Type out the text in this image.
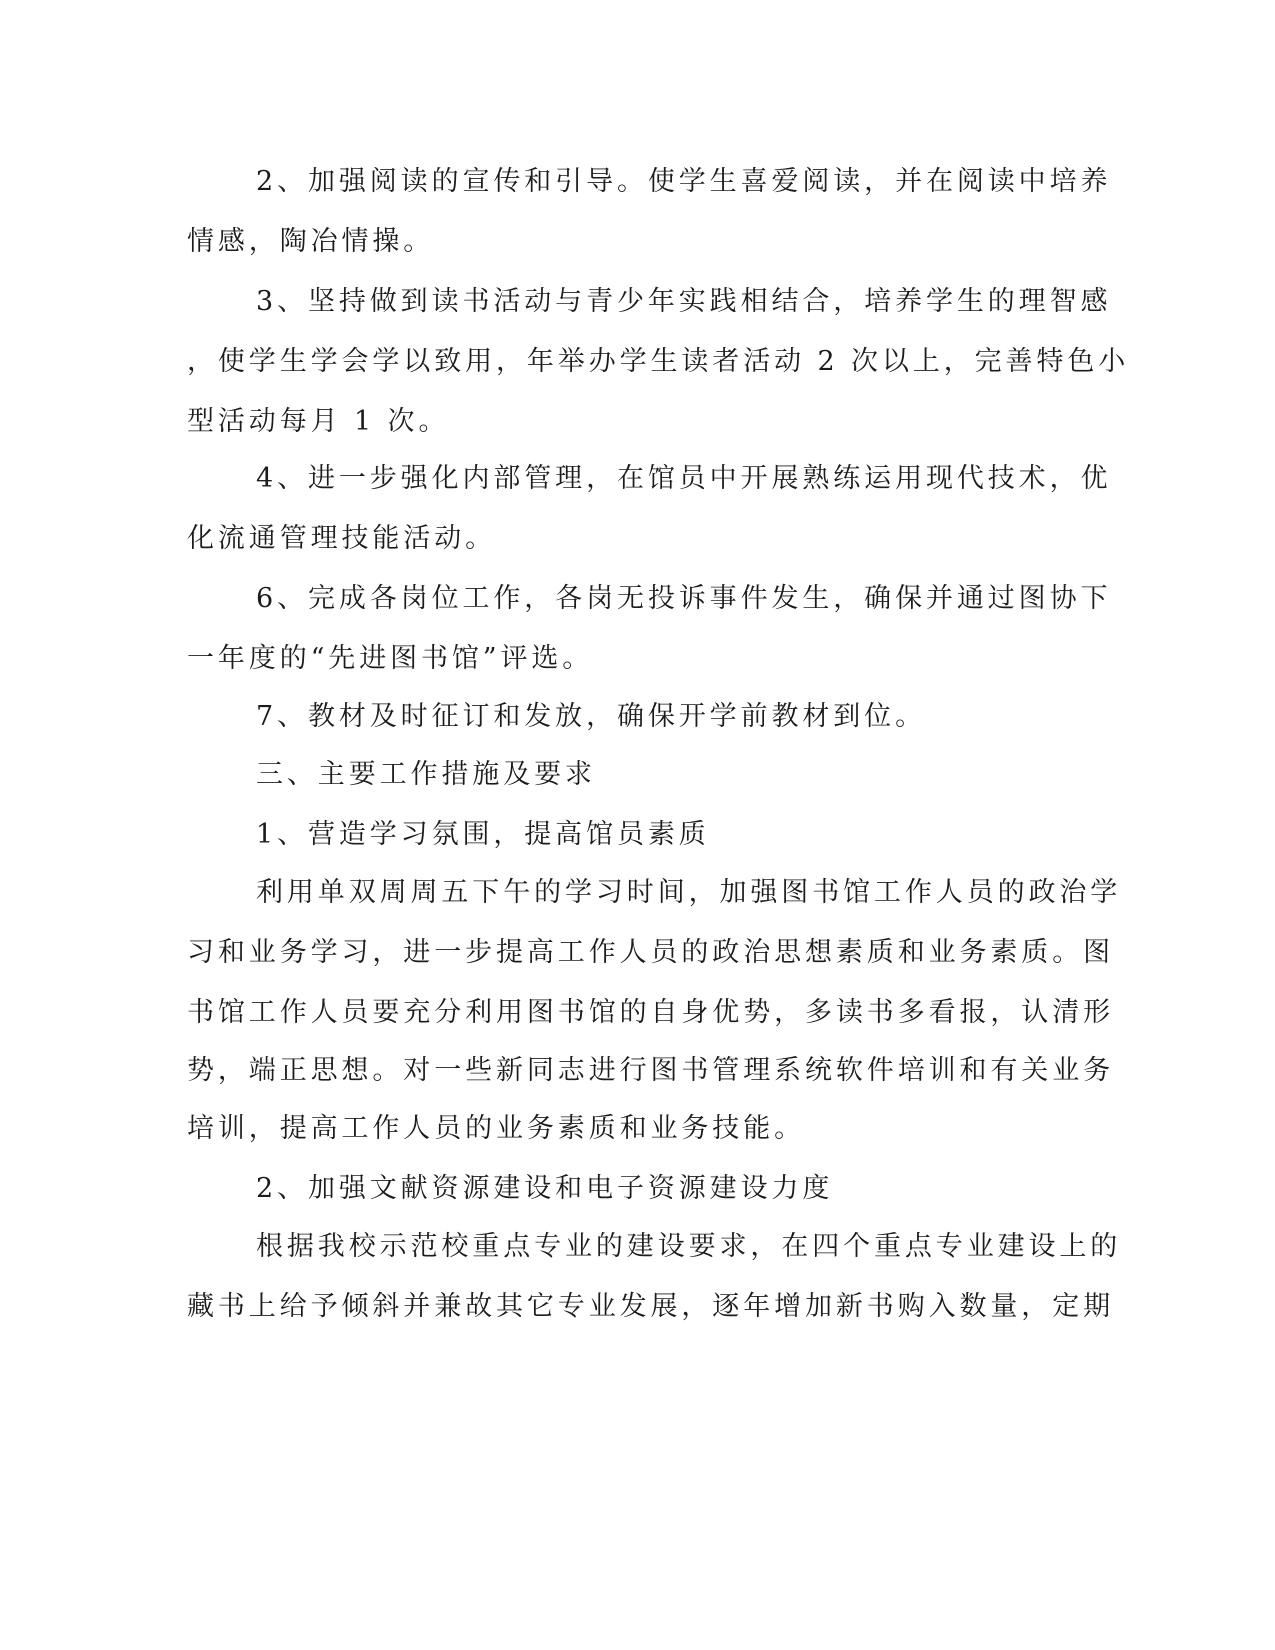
2、加强阅读的宣传和引导。使学生喜爱阅读，并在阅读中培养

情感，陶冶情操。

3、坚持做到读书活动与青少年实践相结合，培养学生的理智感

，使学生学会学以致用，年举办学生读者活动 2 次以上，完善特色小

型活动每月 1 次。

4、进一步强化内部管理，在馆员中开展熟练运用现代技术，优

化流通管理技能活动。

6、完成各岗位工作，各岗无投诉事件发生，确保并通过图协下

一年度的“先进图书馆”评选。

7、教材及时征订和发放，确保开学前教材到位。

三、主要工作措施及要求

1、营造学习氛围，提高馆员素质

利用单双周周五下午的学习时间，加强图书馆工作人员的政治学

习和业务学习，进一步提高工作人员的政治思想素质和业务素质。图

书馆工作人员要充分利用图书馆的自身优势，多读书多看报，认清形

势，端正思想。对一些新同志进行图书管理系统软件培训和有关业务

培训，提高工作人员的业务素质和业务技能。

2、加强文献资源建设和电子资源建设力度

根据我校示范校重点专业的建设要求，在四个重点专业建设上的

藏书上给予倾斜并兼故其它专业发展，逐年增加新书购入数量，定期
